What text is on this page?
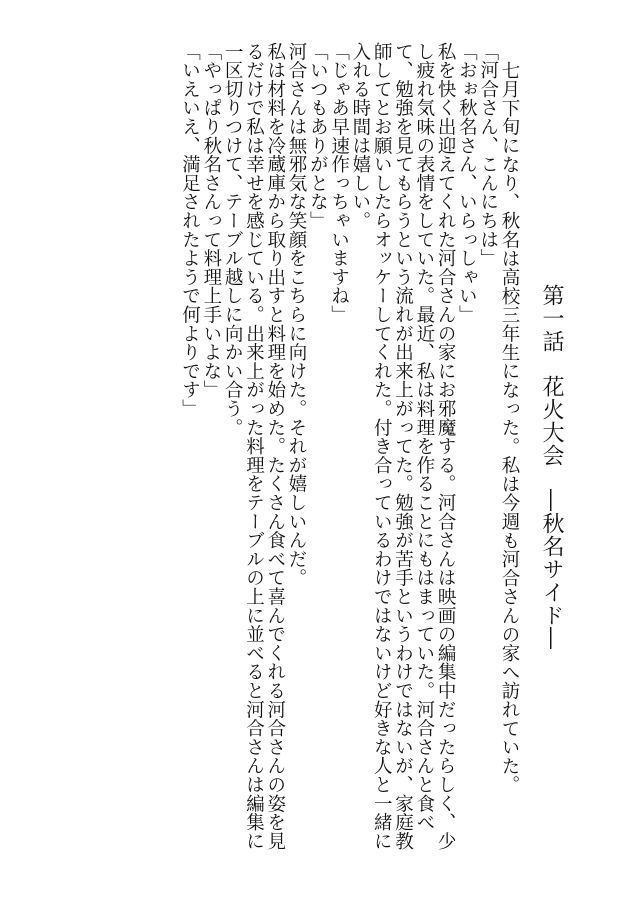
第一話　花火大会　―秋名サイド―

七月下旬になり、秋名は高校三年生になった。私は今週も河合さんの家へ訪れていた。

「河合さん、こんにちは」

「おぉ秋名さん、いらっしゃい」

私を快く出迎えてくれた河合さんの家にお邪魔する。河合さんは映画の編集中だったらしく、少し疲れ気味の表情をしていた。最近、私は料理を作ることにもはまっていた。河合さんと食べて、勉強を見てもらうという流れが出来上がってた。勉強が苦手というわけではないが、家庭教師してとお願いしたらオッケーしてくれた。付き合っているわけではないけど好きな人と一緒に入れる時間は嬉しい。

「じゃあ早速作っちゃいますね」

「いつもありがとな」

河合さんは無邪気な笑顔をこちらに向けた。それが嬉しいんだ。

私は材料を冷蔵庫から取り出すと料理を始めた。たくさん食べて喜んでくれる河合さんの姿を見るだけで私は幸せを感じている。出来上がった料理をテーブルの上に並べると河合さんは編集に一区切りつけて、テーブル越しに向かい合う。

「やっぱり秋名さんって料理上手いよな」

「いえいえ、満足されたようで何よりです」
